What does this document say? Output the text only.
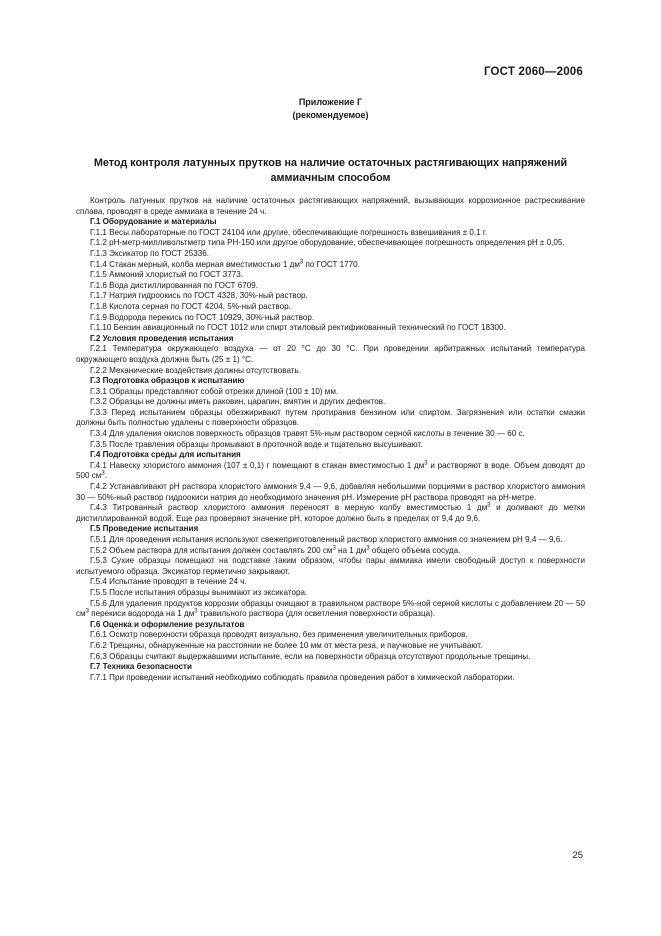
ГОСТ 2060—2006
Приложение Г
(рекомендуемое)
Метод контроля латунных прутков на наличие остаточных растягивающих напряжений
аммиачным способом

Контроль латунных прутков на наличие остаточных растягивающих напряжений, вызывающих коррозионное растрескивание сплава, проводят в среде аммиака в течение 24 ч.

Г.1 Оборудование и материалы

Г.1.1 Весы лабораторные по ГОСТ 24104 или другие, обеспечивающие погрешность взвешивания ± 0,1 г.

Г.1.2 рН-метр-милливольтметр типа РН-150 или другое оборудование, обеспечивающее погрешность определения рН ± 0,05.

Г.1.3 Эксикатор по ГОСТ 25336.

Г.1.4 Стакан мерный, колба мерная вместимостью 1 $дм^3$ по ГОСТ 1770.

Г.1.5 Аммоний хлористый по ГОСТ 3773.

Г.1.6 Вода дистиллированная по ГОСТ 6709.

Г.1.7 Натрия гидроокись по ГОСТ 4328, 30%-ный раствор.

Г.1.8 Кислота серная по ГОСТ 4204, 5%-ный раствор.

Г.1.9 Водорода перекись по ГОСТ 10929, 30%-ный раствор.

Г.1.10 Бензин авиационный по ГОСТ 1012 или спирт этиловый ректификованный технический по ГОСТ 18300.

Г.2 Условия проведения испытания

Г.2.1 Температура окружающего воздуха — от 20 °С до 30 °С. При проведении арбитражных испытаний температура окружающего воздуха должна быть (25 ± 1) °С.

Г.2.2 Механические воздействия должны отсутствовать.

Г.3 Подготовка образцов к испытанию

Г.3.1 Образцы представляют собой отрезки длиной (100 ± 10) мм.

Г.3.2 Образцы не должны иметь раковин, царапин, вмятин и других дефектов.

Г.3.3 Перед испытанием образцы обезжиривают путем протирания бензином или спиртом. Загрязнения или остатки смазки должны быть полностью удалены с поверхности образцов.

Г.3.4 Для удаления окислов поверхность образцов травят 5%-ным раствором серной кислоты в течение 30 — 60 с.

Г.3.5 После травления образцы промывают в проточной воде и тщательно высушивают.

Г.4 Подготовка среды для испытания

Г.4.1 Навеску хлористого аммония (107 ± 0,1) г помещают в стакан вместимостью 1 $дм^3$ и растворяют в воде. Объем доводят до 500 $см^3$.

Г.4.2 Устанавливают рН раствора хлористого аммония 9,4 — 9,6, добавляя небольшими порциями в раствор хлористого аммония 30 — 50%-ный раствор гидроокиси натрия до необходимого значения рН. Измерение рН раствора проводят на рН-метре.

Г.4.3 Титрованный раствор хлористого аммония переносят в мерную колбу вместимостью 1 $дм^3$ и доливают до метки дистиллированной водой. Еще раз проверяют значение рН, которое должно быть в пределах от 9,4 до 9,6.

Г.5 Проведение испытания

Г.5.1 Для проведения испытания используют свежеприготовленный раствор хлористого аммония со значением рН 9,4 — 9,6.

Г.5.2 Объем раствора для испытания должен составлять 200 $см^3$ на 1 $дм^3$ общего объема сосуда.

Г.5.3 Сухие образцы помещают на подставке таким образом, чтобы пары аммиака имели свободный доступ к поверхности испытуемого образца. Эксикатор герметично закрывают.

Г.5.4 Испытание проводят в течение 24 ч.

Г.5.5 После испытания образцы вынимают из эксикатора.

Г.5.6 Для удаления продуктов коррозии образцы очищают в травильном растворе 5%-ной серной кислоты с добавлением 20 — 50 $см^3$ перекиси водорода на 1 $дм^3$ травильного раствора (для осветления поверхности образца).

Г.6 Оценка и оформление результатов

Г.6.1 Осмотр поверхности образца проводят визуально, без применения увеличительных приборов.

Г.6.2 Трещины, обнаруженные на расстоянии не более 10 мм от места реза, и паучковые не учитывают.

Г.6.3 Образцы считают выдержавшими испытание, если на поверхности образца отсутствуют продольные трещины.

Г.7 Техника безопасности

Г.7.1 При проведении испытаний необходимо соблюдать правила проведения работ в химической лаборатории.

25
